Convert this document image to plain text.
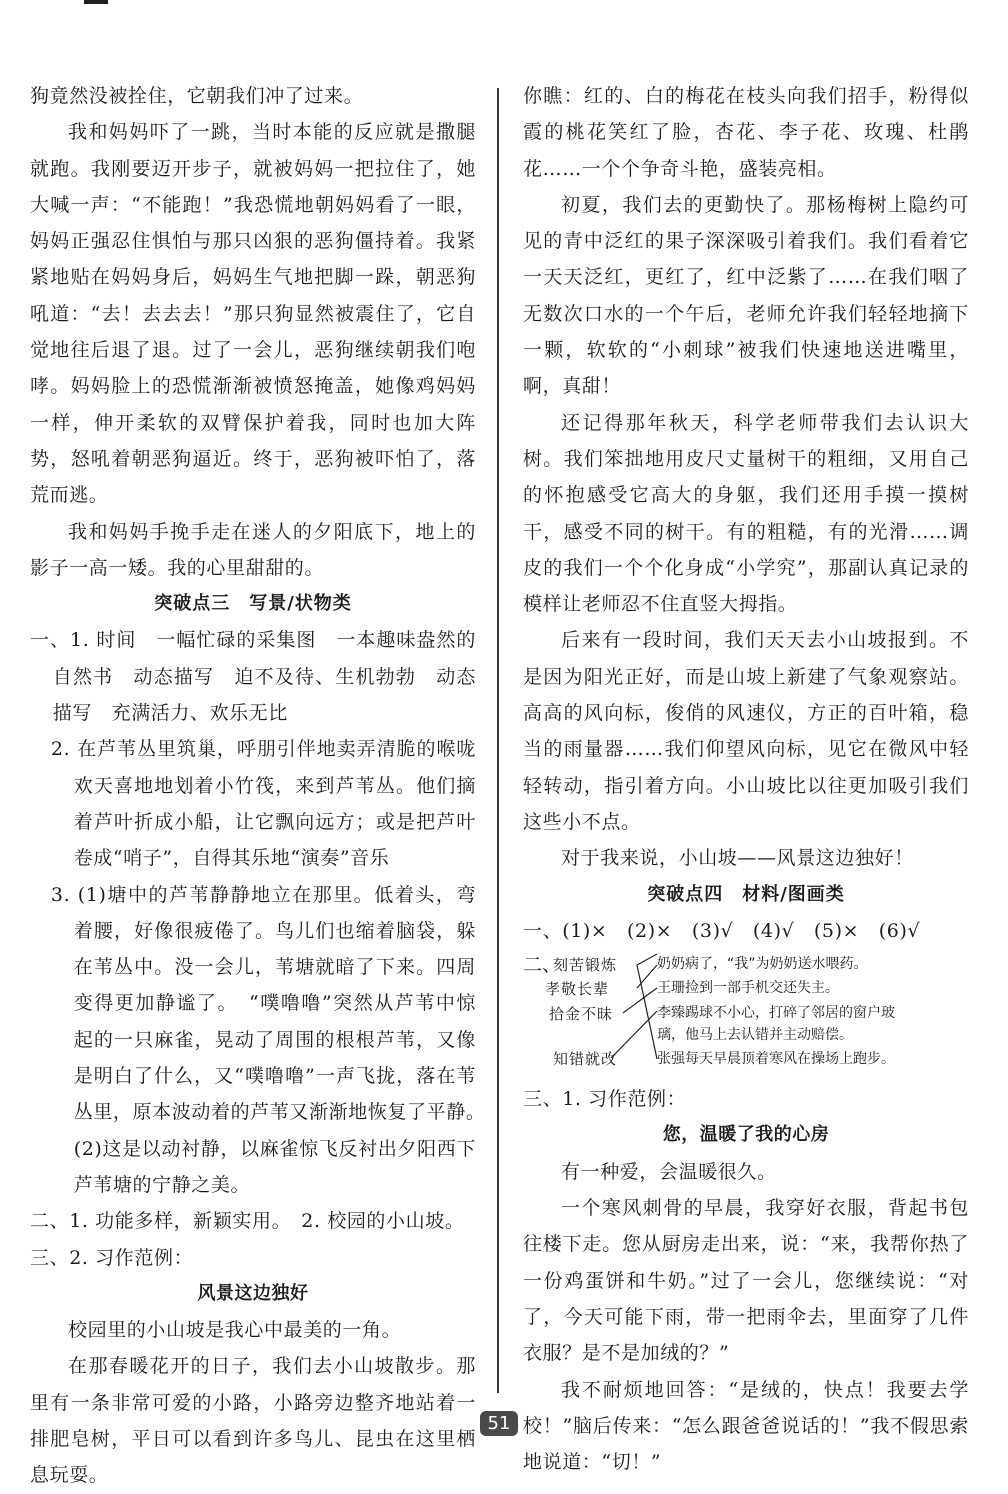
狗竟然没被拴住，它朝我们冲了过来。

我和妈妈吓了一跳，当时本能的反应就是撒腿就跑。我刚要迈开步子，就被妈妈一把拉住了，她大喊一声：“不能跑！”我恐慌地朝妈妈看了一眼，妈妈正强忍住惧怕与那只凶狠的恶狗僵持着。我紧紧地贴在妈妈身后，妈妈生气地把脚一跺，朝恶狗吼道：“去！去去去！”那只狗显然被震住了，它自觉地往后退了退。过了一会儿，恶狗继续朝我们咆哮。妈妈脸上的恐慌渐渐被愤怒掩盖，她像鸡妈妈一样，伸开柔软的双臂保护着我，同时也加大阵势，怒吼着朝恶狗逼近。终于，恶狗被吓怕了，落荒而逃。

我和妈妈手挽手走在迷人的夕阳底下，地上的影子一高一矮。我的心里甜甜的。

突破点三　写景/状物类

一、1. 时间　一幅忙碌的采集图　一本趣味盎然的自然书　动态描写　迫不及待、生机勃勃　动态描写　充满活力、欢乐无比

2. 在芦苇丛里筑巢，呼朋引伴地卖弄清脆的喉咙　欢天喜地地划着小竹筏，来到芦苇丛。他们摘着芦叶折成小船，让它飘向远方；或是把芦叶卷成“哨子”，自得其乐地“演奏”音乐

3. (1)塘中的芦苇静静地立在那里。低着头，弯着腰，好像很疲倦了。鸟儿们也缩着脑袋，躲在苇丛中。没一会儿，苇塘就暗了下来。四周变得更加静谧了。　“噗噜噜”突然从芦苇中惊起的一只麻雀，晃动了周围的根根芦苇，又像是明白了什么，又“噗噜噜”一声飞拢，落在苇丛里，原本波动着的芦苇又渐渐地恢复了平静。　(2)这是以动衬静，以麻雀惊飞反衬出夕阳西下芦苇塘的宁静之美。

二、1. 功能多样，新颖实用。　2. 校园的小山坡。

三、2. 习作范例：

风景这边独好

校园里的小山坡是我心中最美的一角。

在那春暖花开的日子，我们去小山坡散步。那里有一条非常可爱的小路，小路旁边整齐地站着一排肥皂树，平日可以看到许多鸟儿、昆虫在这里栖息玩耍。

你瞧：红的、白的梅花在枝头向我们招手，粉得似霞的桃花笑红了脸，杏花、李子花、玫瑰、杜鹃花……一个个争奇斗艳，盛装亮相。

初夏，我们去的更勤快了。那杨梅树上隐约可见的青中泛红的果子深深吸引着我们。我们看着它一天天泛红，更红了，红中泛紫了……在我们咽了无数次口水的一个午后，老师允许我们轻轻地摘下一颗，软软的“小刺球”被我们快速地送进嘴里，啊，真甜！

还记得那年秋天，科学老师带我们去认识大树。我们笨拙地用皮尺丈量树干的粗细，又用自己的怀抱感受它高大的身躯，我们还用手摸一摸树干，感受不同的树干。有的粗糙，有的光滑……调皮的我们一个个化身成“小学究”，那副认真记录的模样让老师忍不住直竖大拇指。

后来有一段时间，我们天天去小山坡报到。不是因为阳光正好，而是山坡上新建了气象观察站。高高的风向标，俊俏的风速仪，方正的百叶箱，稳当的雨量器……我们仰望风向标，见它在微风中轻轻转动，指引着方向。小山坡比以往更加吸引我们这些小不点。

对于我来说，小山坡——风景这边独好！

突破点四　材料/图画类

一、(1)×　(2)×　(3)√　(4)√　(5)×　(6)√

二、
刻苦锻炼
孝敬长辈
拾金不昧
知错就改
奶奶病了，“我”为奶奶送水喂药。
王珊捡到一部手机交还失主。
李臻踢球不小心，打碎了邻居的窗户玻
璃，他马上去认错并主动赔偿。
张强每天早晨顶着寒风在操场上跑步。

三、1. 习作范例：

您，温暖了我的心房

有一种爱，会温暖很久。

一个寒风刺骨的早晨，我穿好衣服，背起书包往楼下走。您从厨房走出来，说：“来，我帮你热了一份鸡蛋饼和牛奶。”过了一会儿，您继续说：“对了，今天可能下雨，带一把雨伞去，里面穿了几件衣服？是不是加绒的？”

我不耐烦地回答：“是绒的，快点！我要去学校！”脑后传来：“怎么跟爸爸说话的！”我不假思索地说道：“切！”

51
